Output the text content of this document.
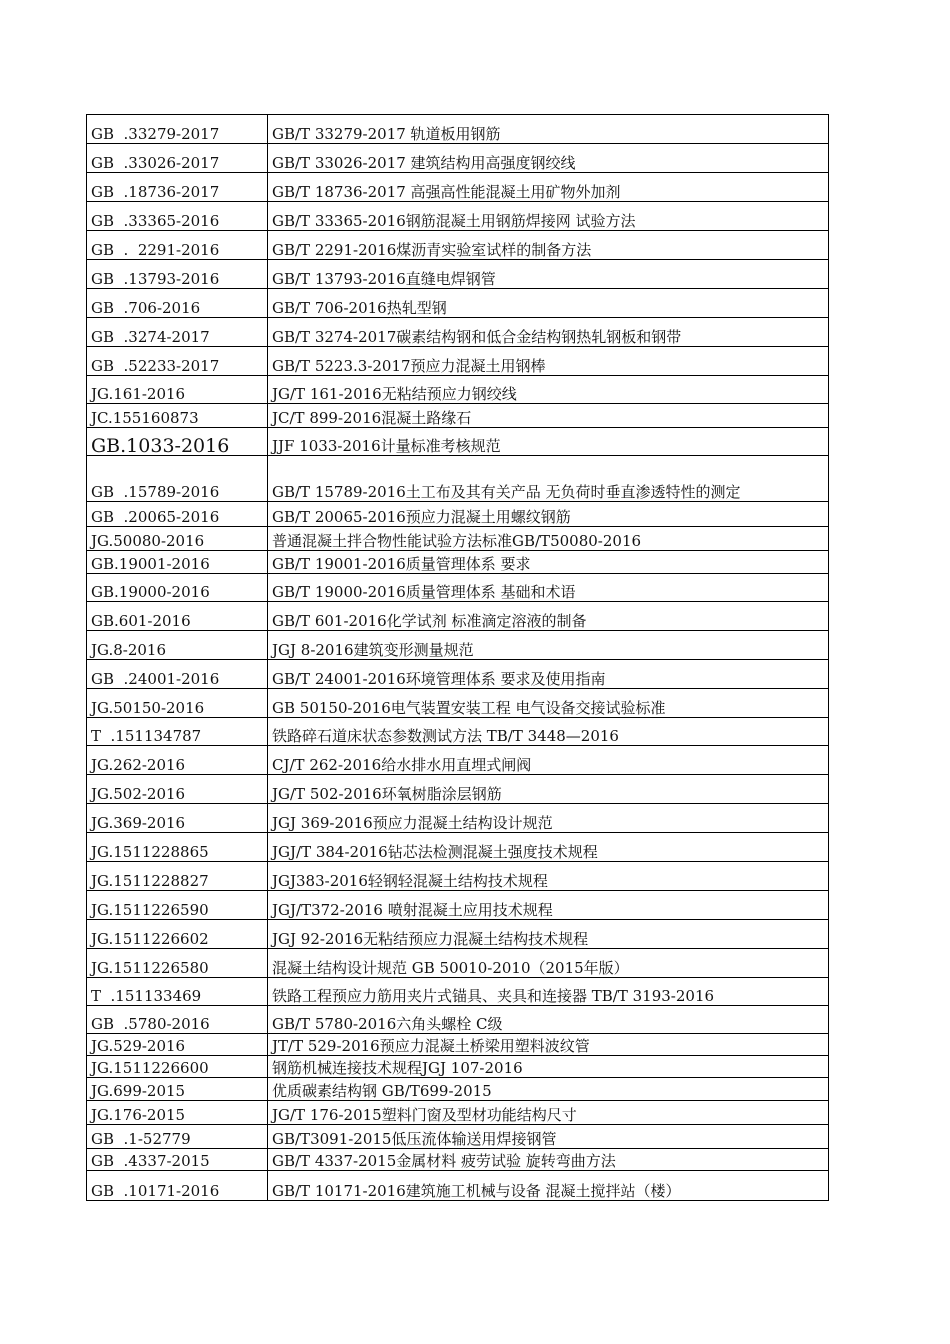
GB  .33279-2017	GB/T 33279-2017 轨道板用钢筋
GB  .33026-2017	GB/T 33026-2017 建筑结构用高强度钢绞线
GB  .18736-2017	GB/T 18736-2017 高强高性能混凝土用矿物外加剂
GB  .33365-2016	GB/T 33365-2016钢筋混凝土用钢筋焊接网 试验方法
GB  .  2291-2016	GB/T 2291-2016煤沥青实验室试样的制备方法
GB  .13793-2016	GB/T 13793-2016直缝电焊钢管
GB  .706-2016	GB/T 706-2016热轧型钢
GB  .3274-2017	GB/T 3274-2017碳素结构钢和低合金结构钢热轧钢板和钢带
GB  .52233-2017	GB/T 5223.3-2017预应力混凝土用钢棒
JG.161-2016	JG/T 161-2016无粘结预应力钢绞线
JC.155160873	JC/T 899-2016混凝土路缘石
GB.1033-2016	JJF 1033-2016计量标准考核规范
GB  .15789-2016	GB/T 15789-2016土工布及其有关产品 无负荷时垂直渗透特性的测定
GB  .20065-2016	GB/T 20065-2016预应力混凝土用螺纹钢筋
JG.50080-2016	普通混凝土拌合物性能试验方法标准GB/T50080-2016
GB.19001-2016	GB/T 19001-2016质量管理体系 要求
GB.19000-2016	GB/T 19000-2016质量管理体系 基础和术语
GB.601-2016	GB/T 601-2016化学试剂 标准滴定溶液的制备
JG.8-2016	JGJ 8-2016建筑变形测量规范
GB  .24001-2016	GB/T 24001-2016环境管理体系 要求及使用指南
JG.50150-2016	GB 50150-2016电气装置安装工程 电气设备交接试验标准
T  .151134787	铁路碎石道床状态参数测试方法 TB/T 3448—2016
JG.262-2016	CJ/T 262-2016给水排水用直埋式闸阀
JG.502-2016	JG/T 502-2016环氧树脂涂层钢筋
JG.369-2016	JGJ 369-2016预应力混凝土结构设计规范
JG.1511228865	JGJ/T 384-2016钻芯法检测混凝土强度技术规程
JG.1511228827	JGJ383-2016轻钢轻混凝土结构技术规程
JG.1511226590	JGJ/T372-2016 喷射混凝土应用技术规程
JG.1511226602	JGJ 92-2016无粘结预应力混凝土结构技术规程
JG.1511226580	混凝土结构设计规范 GB 50010-2010（2015年版）
T  .151133469	铁路工程预应力筋用夹片式锚具、夹具和连接器 TB/T 3193-2016
GB  .5780-2016	GB/T 5780-2016六角头螺栓 C级
JG.529-2016	JT/T 529-2016预应力混凝土桥梁用塑料波纹管
JG.1511226600	钢筋机械连接技术规程JGJ 107-2016
JG.699-2015	优质碳素结构钢 GB/T699-2015
JG.176-2015	JG/T 176-2015塑料门窗及型材功能结构尺寸
GB  .1-52779	GB/T3091-2015低压流体输送用焊接钢管
GB  .4337-2015	GB/T 4337-2015金属材料 疲劳试验 旋转弯曲方法
GB  .10171-2016	GB/T 10171-2016建筑施工机械与设备 混凝土搅拌站（楼）
